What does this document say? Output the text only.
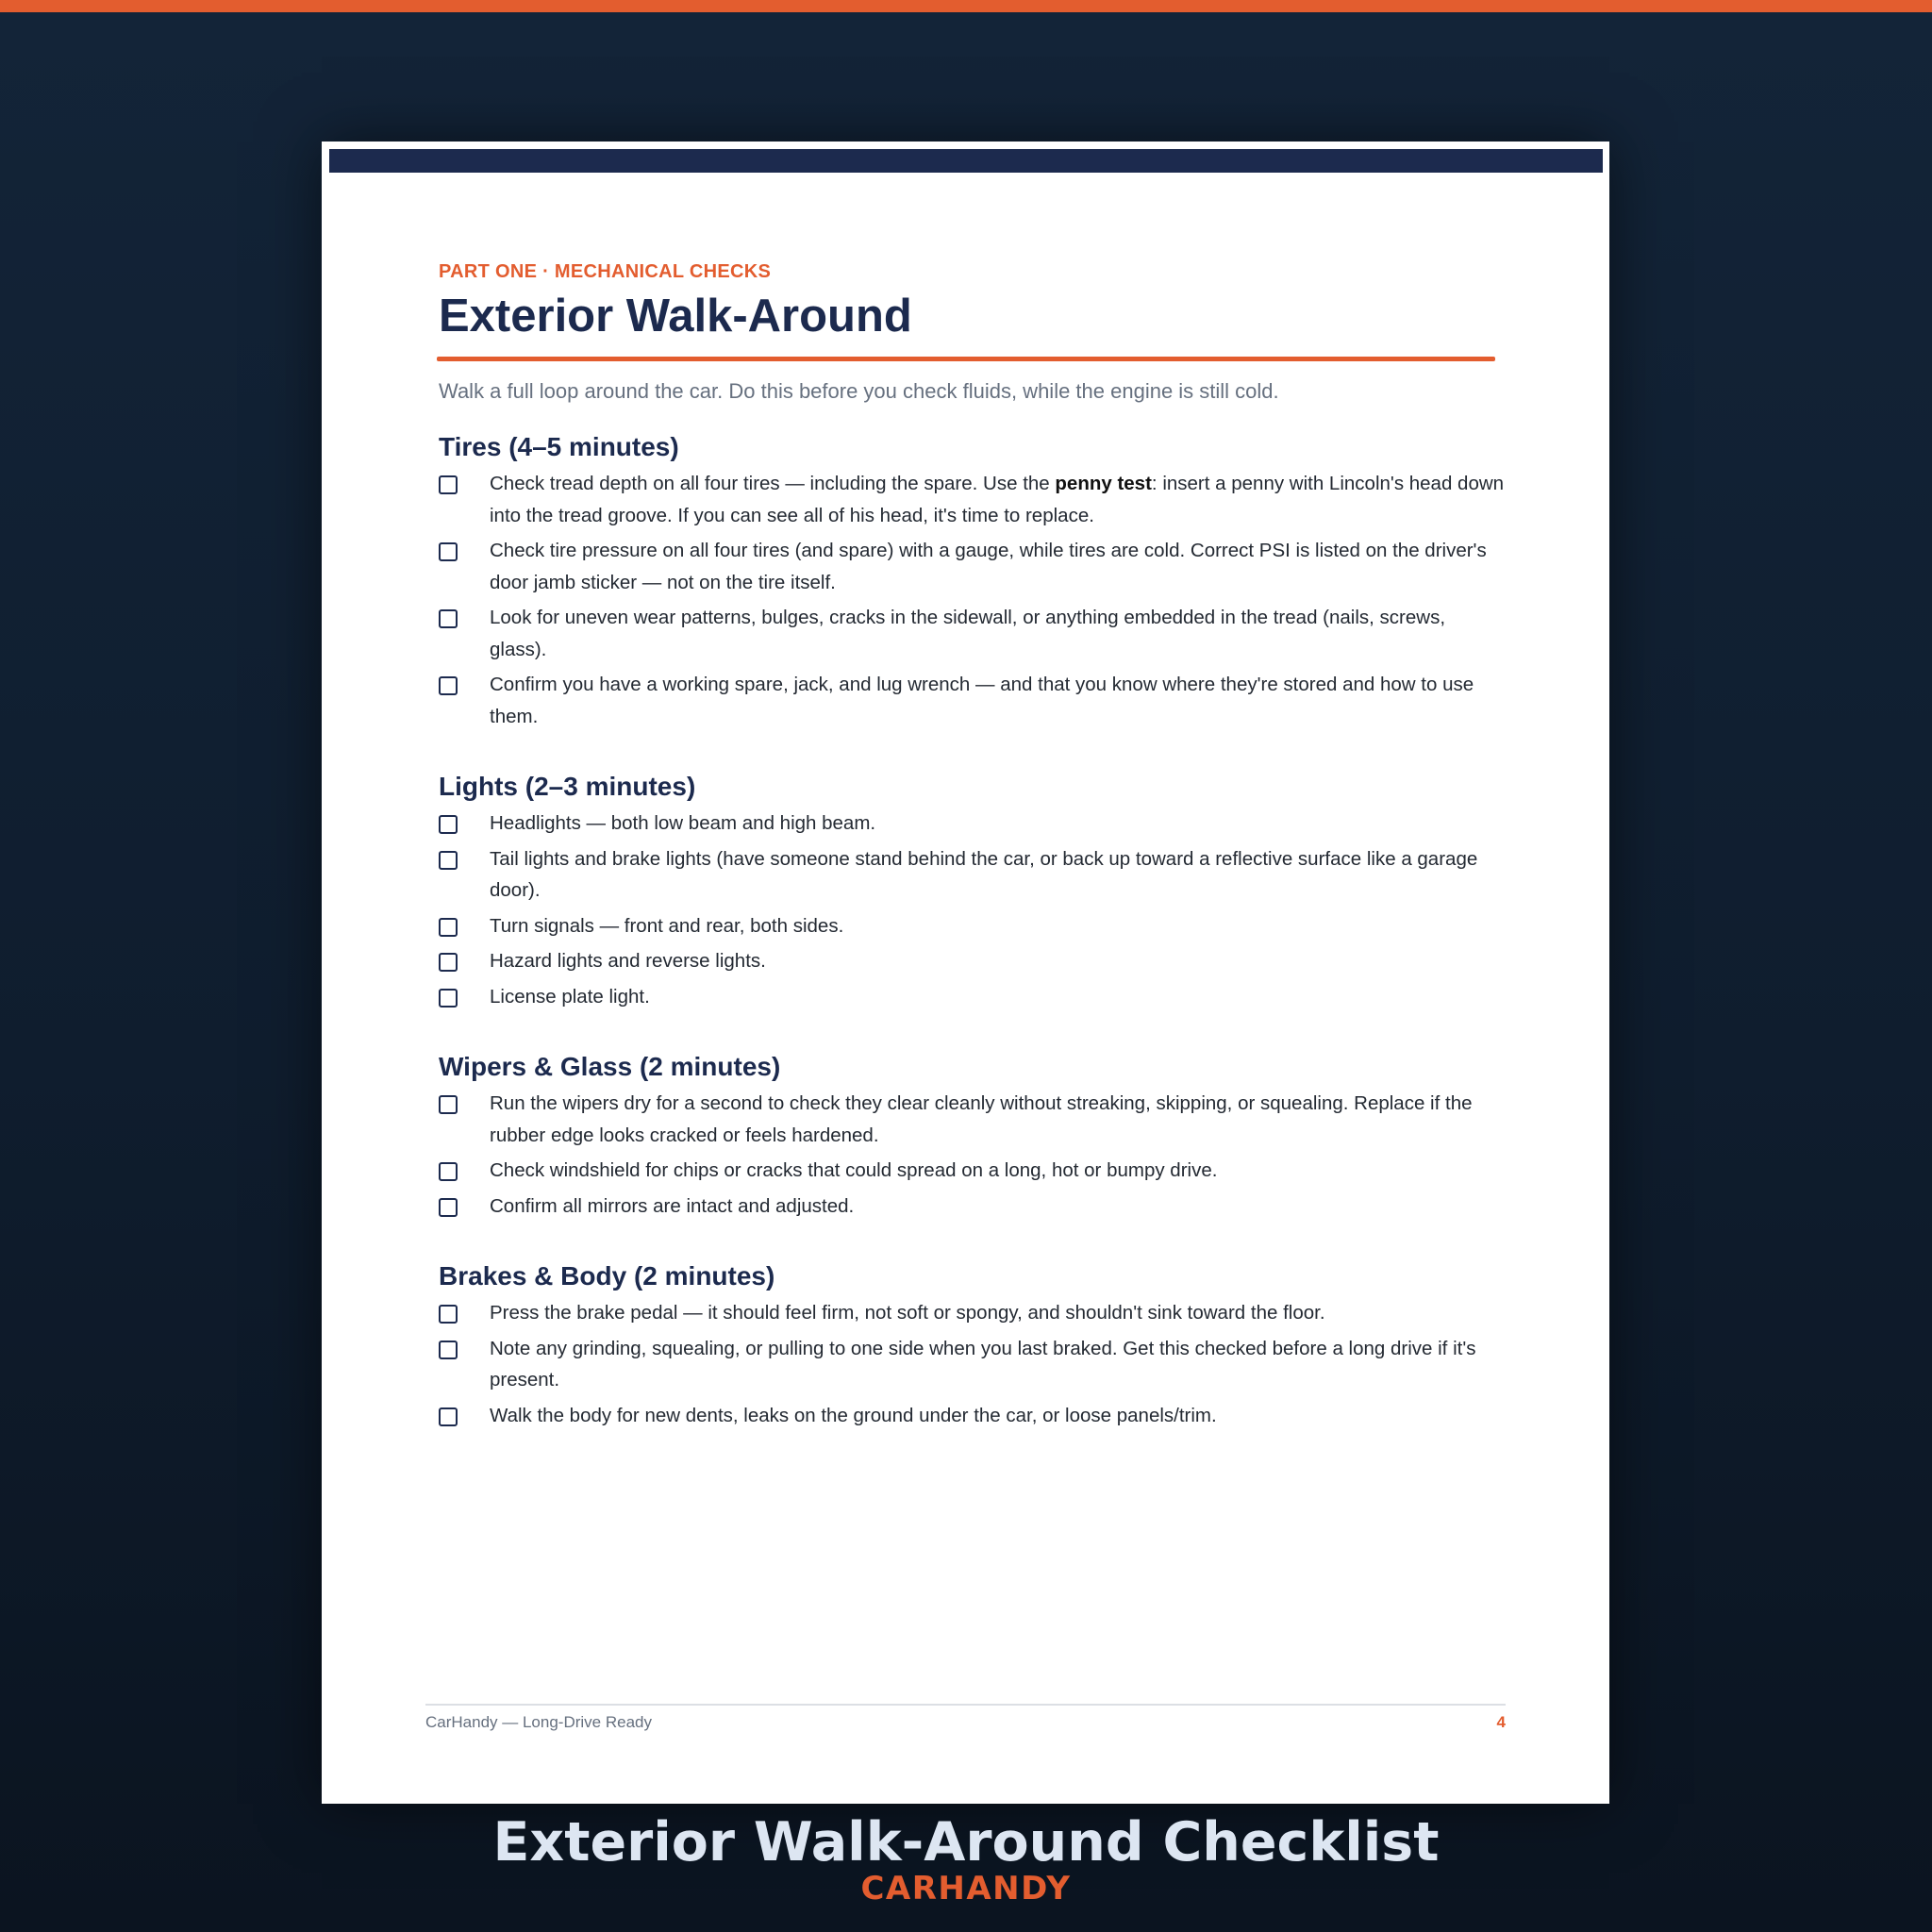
PART ONE · MECHANICAL CHECKS
Exterior Walk-Around
Walk a full loop around the car. Do this before you check fluids, while the engine is still cold.
Tires (4–5 minutes)
Check tread depth on all four tires — including the spare. Use the penny test: insert a penny with Lincoln's head down into the tread groove. If you can see all of his head, it's time to replace.
Check tire pressure on all four tires (and spare) with a gauge, while tires are cold. Correct PSI is listed on the driver's door jamb sticker — not on the tire itself.
Look for uneven wear patterns, bulges, cracks in the sidewall, or anything embedded in the tread (nails, screws, glass).
Confirm you have a working spare, jack, and lug wrench — and that you know where they're stored and how to use them.
Lights (2–3 minutes)
Headlights — both low beam and high beam.
Tail lights and brake lights (have someone stand behind the car, or back up toward a reflective surface like a garage door).
Turn signals — front and rear, both sides.
Hazard lights and reverse lights.
License plate light.
Wipers & Glass (2 minutes)
Run the wipers dry for a second to check they clear cleanly without streaking, skipping, or squealing. Replace if the rubber edge looks cracked or feels hardened.
Check windshield for chips or cracks that could spread on a long, hot or bumpy drive.
Confirm all mirrors are intact and adjusted.
Brakes & Body (2 minutes)
Press the brake pedal — it should feel firm, not soft or spongy, and shouldn't sink toward the floor.
Note any grinding, squealing, or pulling to one side when you last braked. Get this checked before a long drive if it's present.
Walk the body for new dents, leaks on the ground under the car, or loose panels/trim.
CarHandy — Long-Drive Ready	4
Exterior Walk-Around Checklist
CARHANDY
